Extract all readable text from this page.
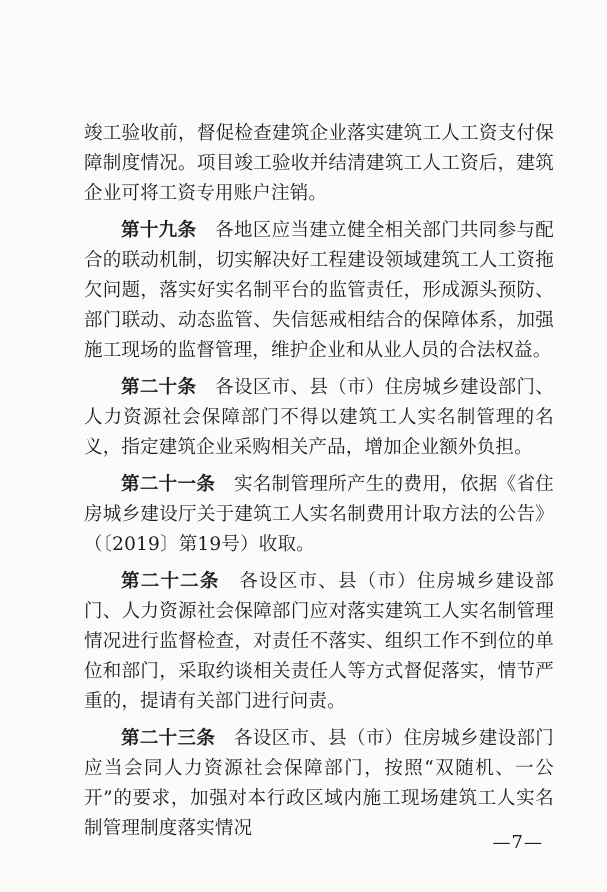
竣工验收前，督促检查建筑企业落实建筑工人工资支付保障制度情况。项目竣工验收并结清建筑工人工资后，建筑企业可将工资专用账户注销。

第十九条　 各地区应当建立健全相关部门共同参与配合的联动机制，切实解决好工程建设领域建筑工人工资拖欠问题，落实好实名制平台的监管责任，形成源头预防、部门联动、动态监管、失信惩戒相结合的保障体系，加强施工现场的监督管理，维护企业和从业人员的合法权益。

第二十条　 各设区市、县（市）住房城乡建设部门、人力资源社会保障部门不得以建筑工人实名制管理的名义，指定建筑企业采购相关产品，增加企业额外负担。

第二十一条　 实名制管理所产生的费用，依据《省住房城乡建设厅关于建筑工人实名制费用计取方法的公告》（〔2019〕第19号）收取。

第二十二条　 各设区市、县（市）住房城乡建设部门、人力资源社会保障部门应对落实建筑工人实名制管理情况进行监督检查，对责任不落实、组织工作不到位的单位和部门，采取约谈相关责任人等方式督促落实，情节严重的，提请有关部门进行问责。

第二十三条　 各设区市、县（市）住房城乡建设部门应当会同人力资源社会保障部门，按照“双随机、一公开”的要求，加强对本行政区域内施工现场建筑工人实名制管理制度落实情况

—7—
